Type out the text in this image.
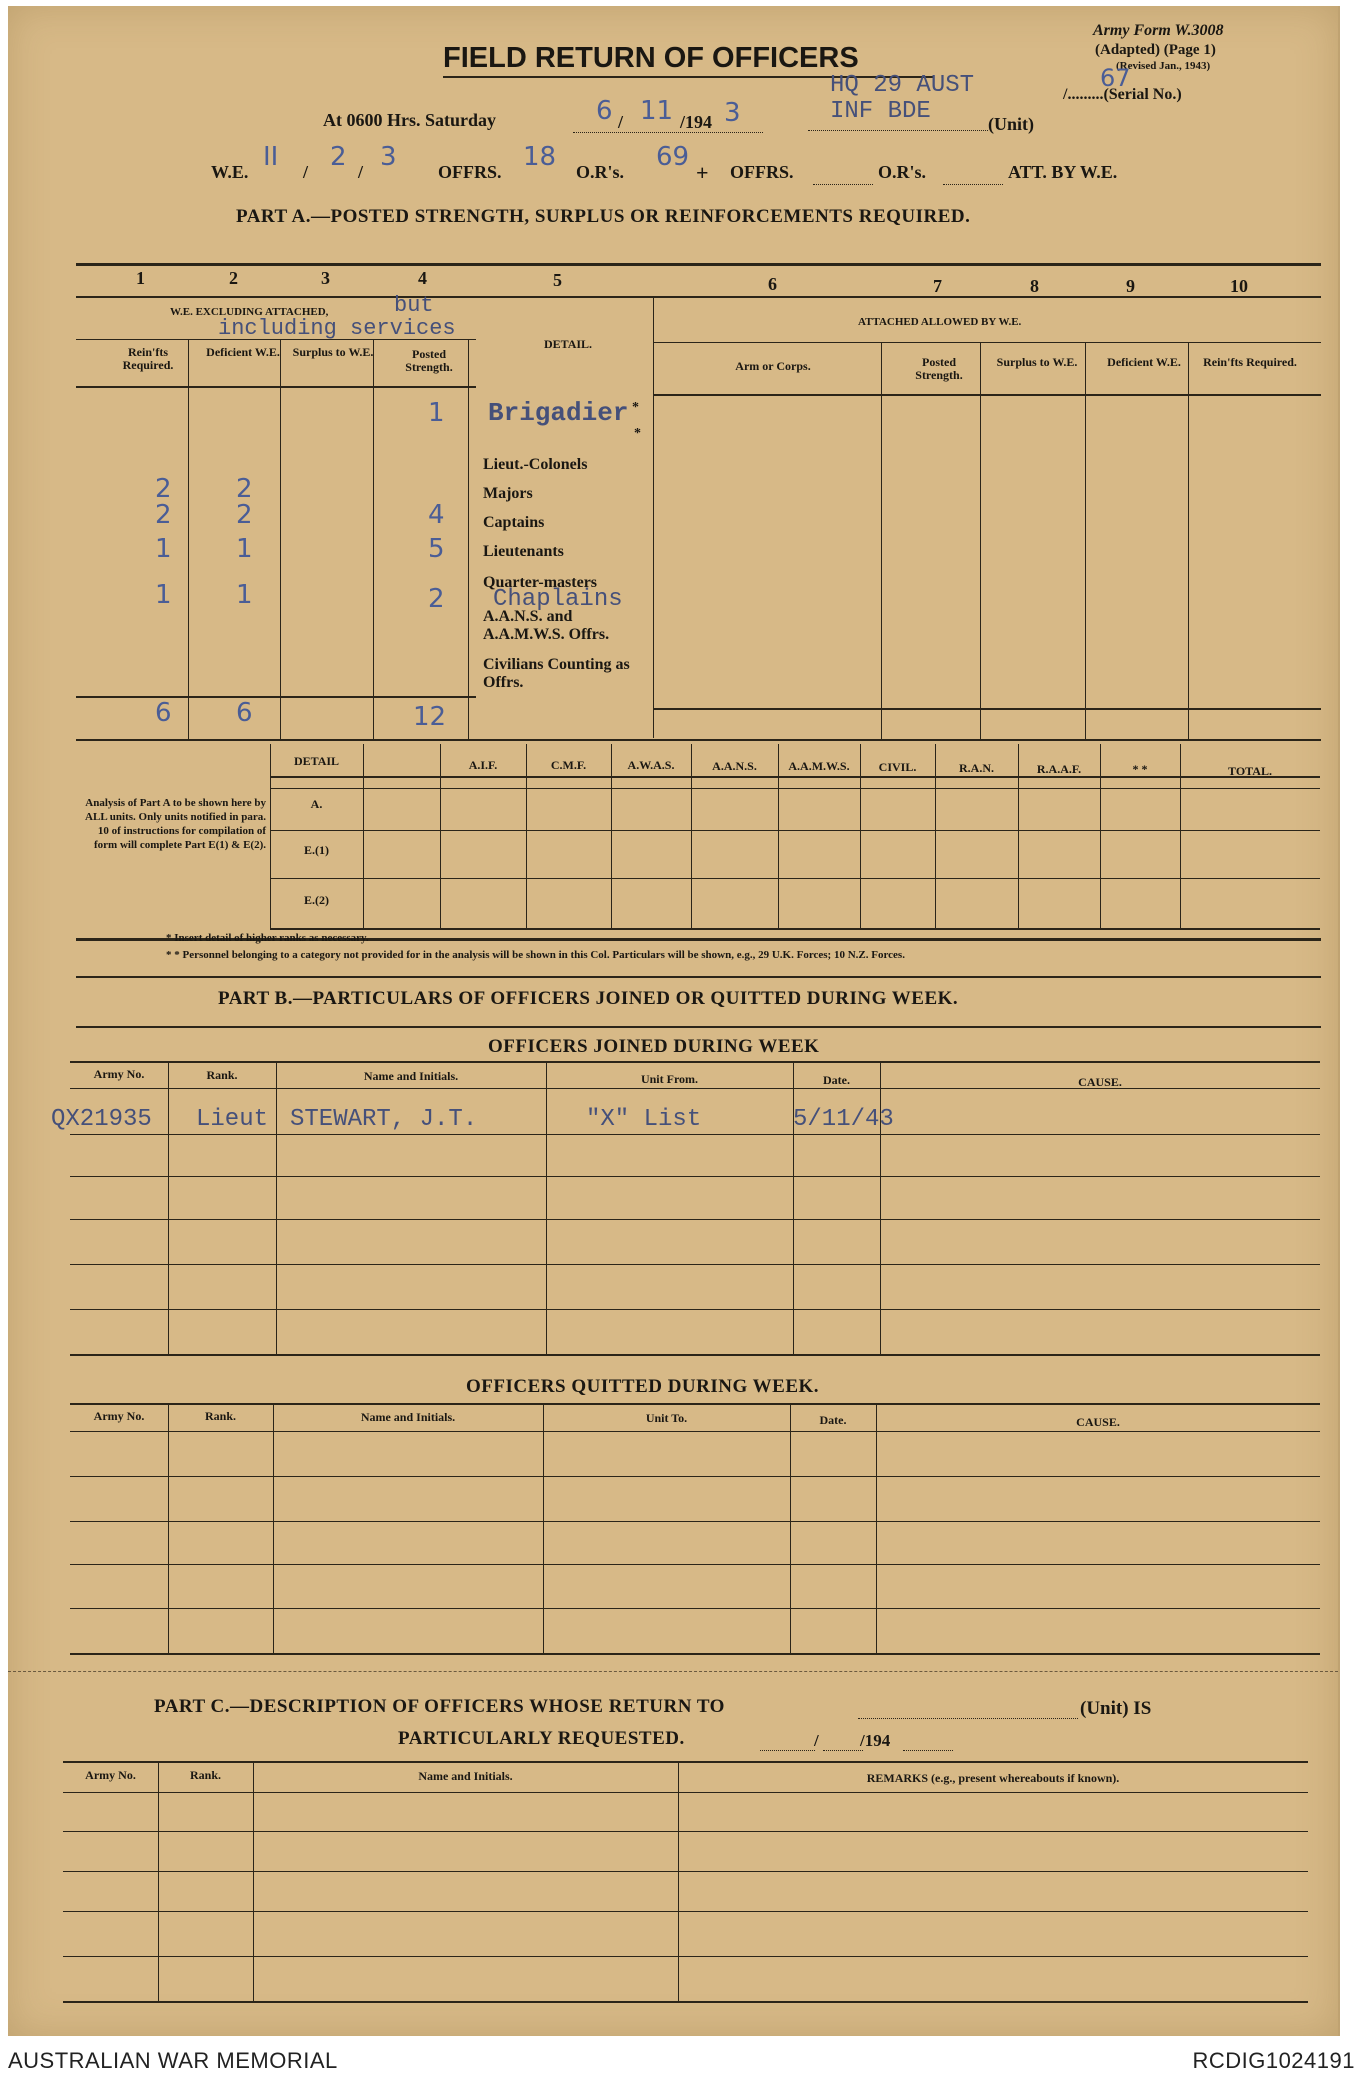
FIELD RETURN OF OFFICERS
Army Form W.3008
(Adapted) (Page 1)
(Revised Jan., 1943)
67
/.........(Serial No.)
At 0600 Hrs. Saturday	6 / 11 /194 3
HQ 29 AUST
INF BDE	(Unit)
W.E. II / 2 / 3 OFFRS. 18 O.R's. 69
+ OFFRS.	O.R's.	ATT. BY W.E.
PART A.—POSTED STRENGTH, SURPLUS OR REINFORCEMENTS REQUIRED.
1	2	3	4	5	6	7	8	9	10
W.E. EXCLUDING ATTACHED,	but
including services	ATTACHED ALLOWED BY W.E.
Rein'fts Required.
Deficient W.E. Surplus to W.E.	Posted Strength.
DETAIL.
Arm or Corps.	Posted Strength.
Surplus to W.E.	Deficient W.E.	Rein'fts Required.
Brigadier *
*
1
Lieut.-Colonels
Majors
2 2
Captains
2 2	4
Lieutenants
1 1	5
Quarter-masters
Chaplains
1 1	2
A.A.N.S. and A.A.M.W.S. Offrs.
Civilians Counting as Offrs.
6 6	12
Analysis of Part A to be shown here by ALL units. Only units notified in para. 10 of instructions for compilation of form will complete Part E(1) & E(2).
DETAIL	A.I.F.	C.M.F.	A.W.A.S.	A.A.N.S.	A.A.M.W.S.	CIVIL.	R.A.N.	R.A.A.F.	* *	TOTAL.
A.
E.(1)
E.(2)
* Insert detail of higher ranks as necessary.
* * Personnel belonging to a category not provided for in the analysis will be shown in this Col. Particulars will be shown, e.g., 29 U.K. Forces; 10 N.Z. Forces.
PART B.—PARTICULARS OF OFFICERS JOINED OR QUITTED DURING WEEK.
OFFICERS JOINED DURING WEEK
Army No.	Rank.	Name and Initials.	Unit From.	Date.	CAUSE.
QX21935 Lieut STEWART, J.T.	"X" List	5/11/43
OFFICERS QUITTED DURING WEEK.
Army No.	Rank.	Name and Initials.	Unit To.	Date.	CAUSE.
PART C.—DESCRIPTION OF OFFICERS WHOSE RETURN TO	(Unit) IS
PARTICULARLY REQUESTED.	/ /194
Army No.	Rank.	Name and Initials.	REMARKS (e.g., present whereabouts if known).
AUSTRALIAN WAR MEMORIAL	RCDIG1024191
